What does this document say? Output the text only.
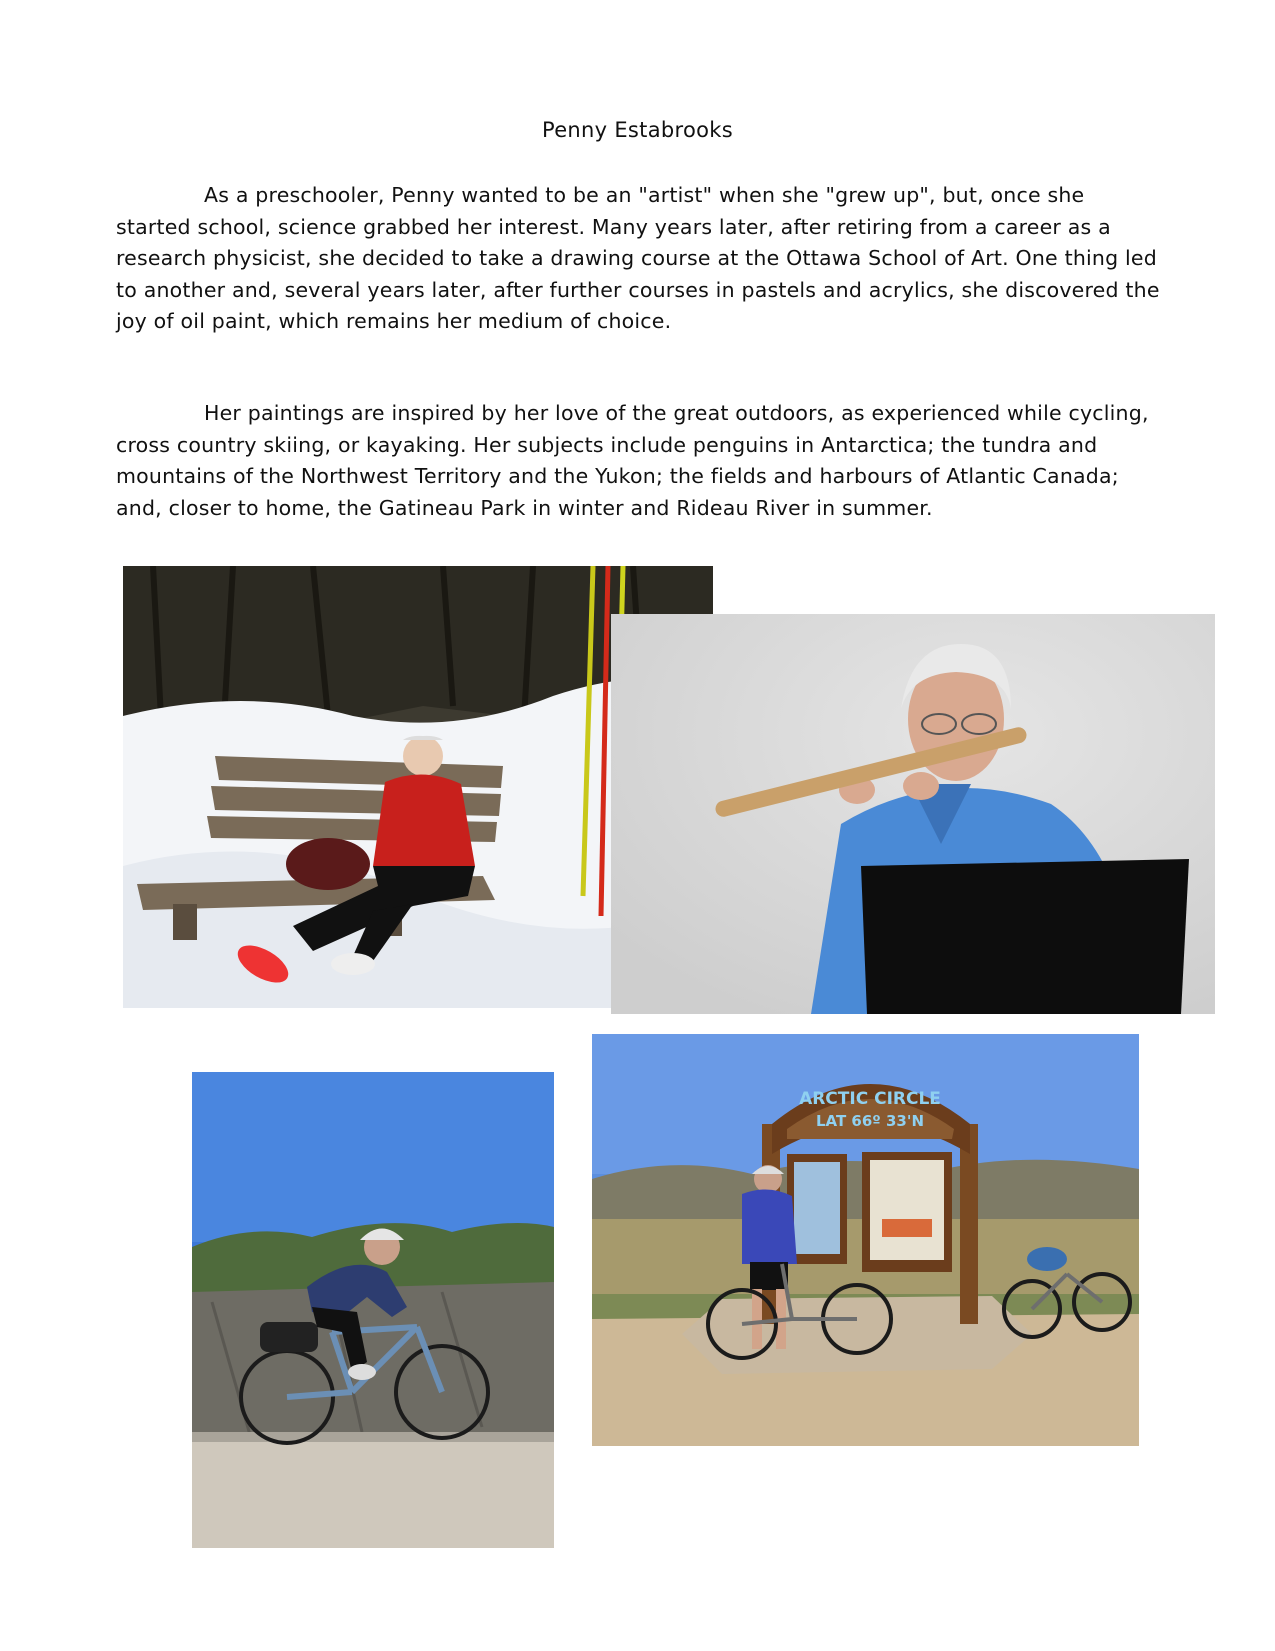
Penny Estabrooks

As a preschooler, Penny wanted to be an "artist" when she "grew up", but, once she started school, science grabbed her interest. Many years later, after retiring from a career as a research physicist, she decided to take a drawing course at the Ottawa School of Art. One thing led to another and, several years later, after further courses in pastels and acrylics, she discovered the joy of oil paint, which remains her medium of choice.

Her paintings are inspired by her love of the great outdoors, as experienced while cycling, cross country skiing, or kayaking. Her subjects include penguins in Antarctica; the tundra and mountains of the Northwest Territory and the Yukon; the fields and harbours of Atlantic Canada; and, closer to home, the Gatineau Park in winter and Rideau River in summer.

ARCTIC CIRCLE
LAT 66º 33'N
